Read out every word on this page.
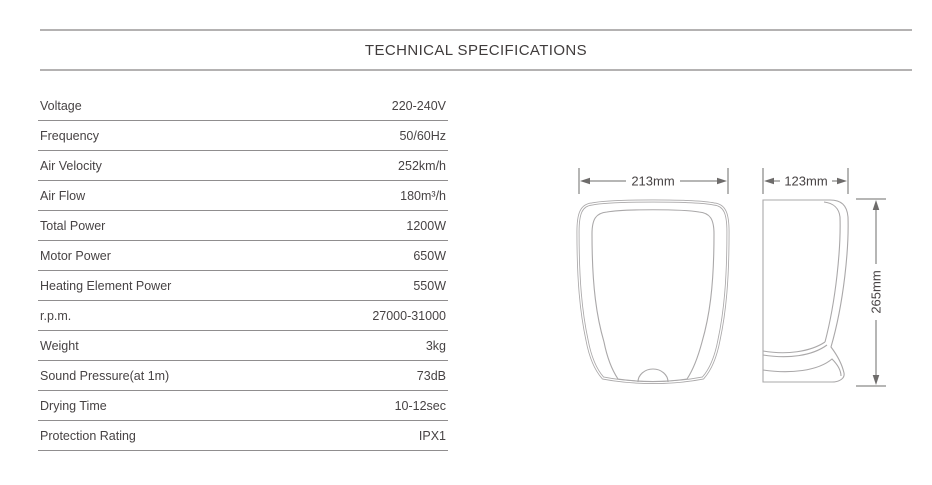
TECHNICAL SPECIFICATIONS
Voltage	220-240V
Frequency	50/60Hz
Air Velocity	252km/h
Air Flow	180m³/h
Total Power	1200W
Motor Power	650W
Heating Element Power	550W
r.p.m.	27000-31000
Weight	3kg
Sound Pressure(at 1m)	73dB
Drying Time	10-12sec
Protection Rating	IPX1
213mm	123mm
265mm
